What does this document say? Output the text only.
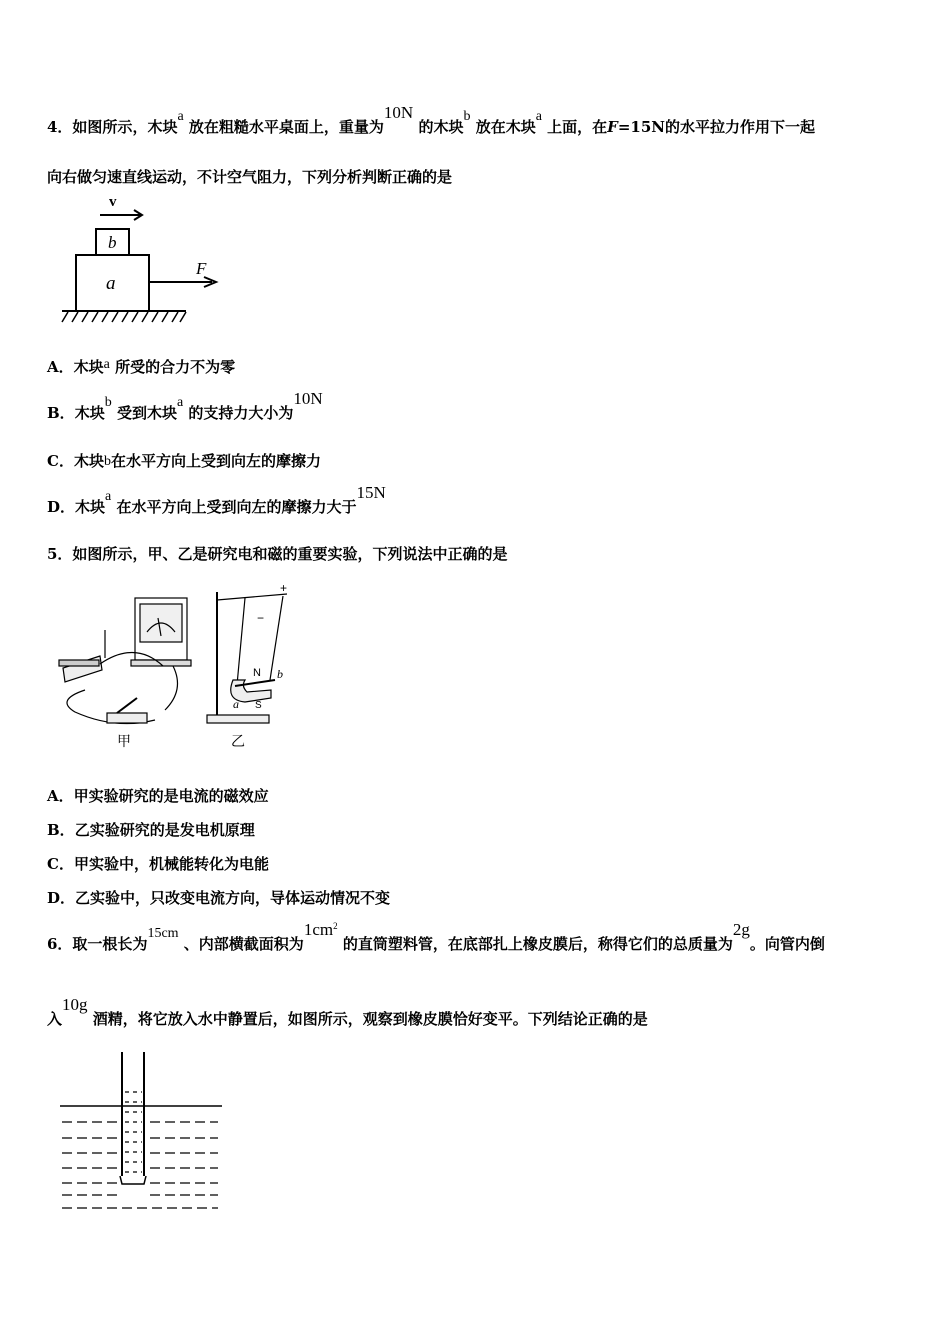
4．如图所示，木块a 放在粗糙水平桌面上，重量为10N 的木块b 放在木块a 上面，在F=15N的水平拉力作用下一起
向右做匀速直线运动，不计空气阻力，下列分析判断正确的是
v
b
a
F
A．木块a 所受的合力不为零
B．木块b 受到木块a 的支持力大小为10N
C．木块b在水平方向上受到向左的摩擦力
D．木块a 在水平方向上受到向左的摩擦力大于15N
5．如图所示，甲、乙是研究电和磁的重要实验，下列说法中正确的是
+
−
N
S
a
b
甲	乙
A．甲实验研究的是电流的磁效应
B．乙实验研究的是发电机原理
C．甲实验中，机械能转化为电能
D．乙实验中，只改变电流方向，导体运动情况不变
6．取一根长为15cm 、内部横截面积为$1cm^2$ 的直筒塑料管，在底部扎上橡皮膜后，称得它们的总质量为2g。向管内倒
入10g 酒精，将它放入水中静置后，如图所示，观察到橡皮膜恰好变平。下列结论正确的是
